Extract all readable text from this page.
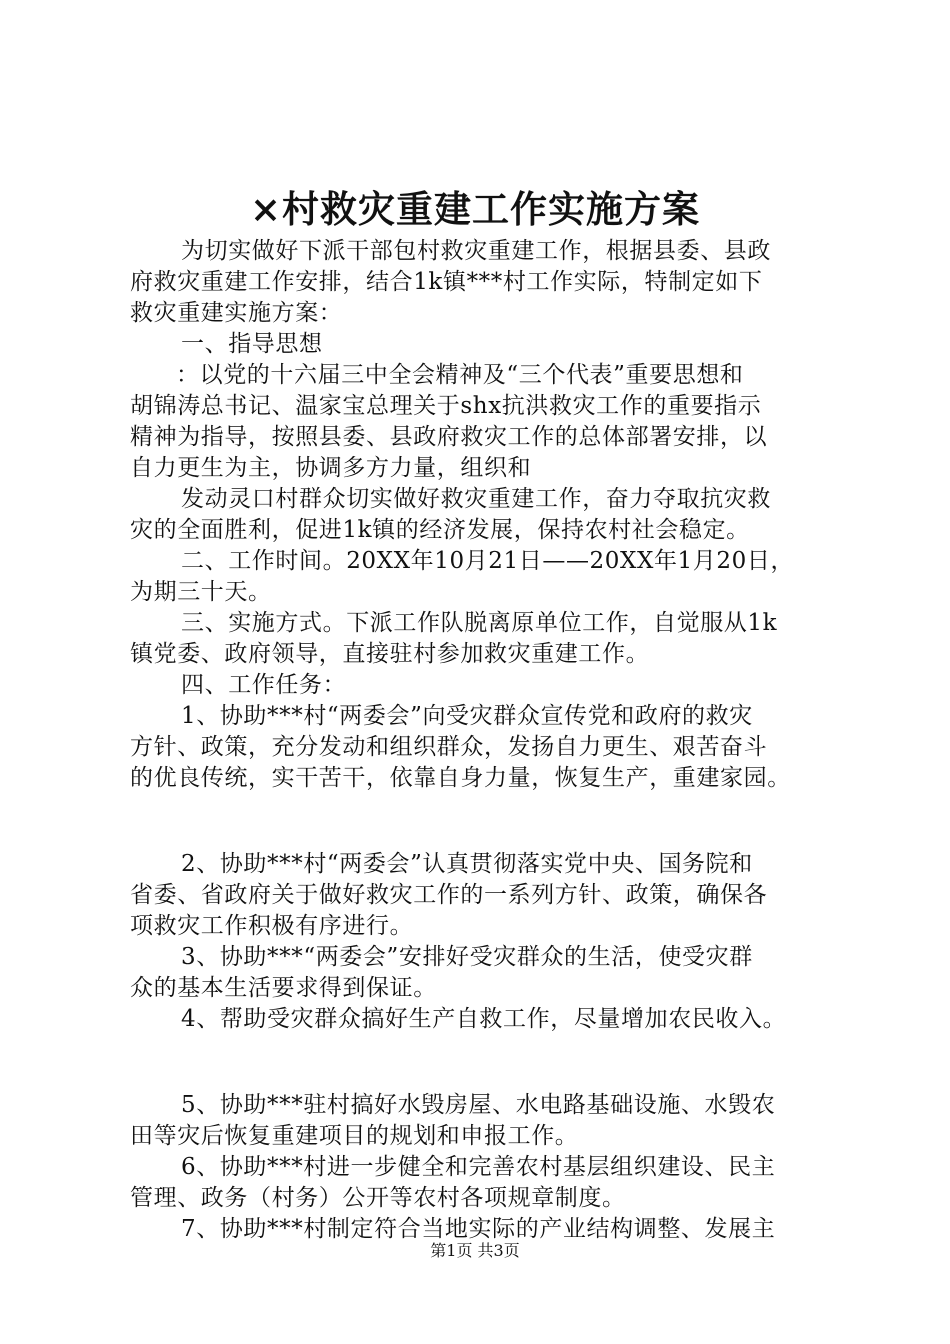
×村救灾重建工作实施方案
为切实做好下派干部包村救灾重建工作，根据县委、县政
府救灾重建工作安排，结合1k镇***村工作实际，特制定如下
救灾重建实施方案：
一、指导思想
：以党的十六届三中全会精神及“三个代表”重要思想和
胡锦涛总书记、温家宝总理关于shx抗洪救灾工作的重要指示
精神为指导，按照县委、县政府救灾工作的总体部署安排，以
自力更生为主，协调多方力量，组织和
发动灵口村群众切实做好救灾重建工作，奋力夺取抗灾救
灾的全面胜利，促进1k镇的经济发展，保持农村社会稳定。
二、工作时间。20XX年10月21日——20XX年1月20日，
为期三十天。
三、实施方式。下派工作队脱离原单位工作，自觉服从1k
镇党委、政府领导，直接驻村参加救灾重建工作。
四、工作任务：
1、协助***村“两委会”向受灾群众宣传党和政府的救灾
方针、政策，充分发动和组织群众，发扬自力更生、艰苦奋斗
的优良传统，实干苦干，依靠自身力量，恢复生产，重建家园。
2、协助***村“两委会”认真贯彻落实党中央、国务院和
省委、省政府关于做好救灾工作的一系列方针、政策，确保各
项救灾工作积极有序进行。
3、协助***“两委会”安排好受灾群众的生活，使受灾群
众的基本生活要求得到保证。
4、帮助受灾群众搞好生产自救工作，尽量增加农民收入。
5、协助***驻村搞好水毁房屋、水电路基础设施、水毁农
田等灾后恢复重建项目的规划和申报工作。
6、协助***村进一步健全和完善农村基层组织建设、民主
管理、政务（村务）公开等农村各项规章制度。
7、协助***村制定符合当地实际的产业结构调整、发展主
第1页 共3页
